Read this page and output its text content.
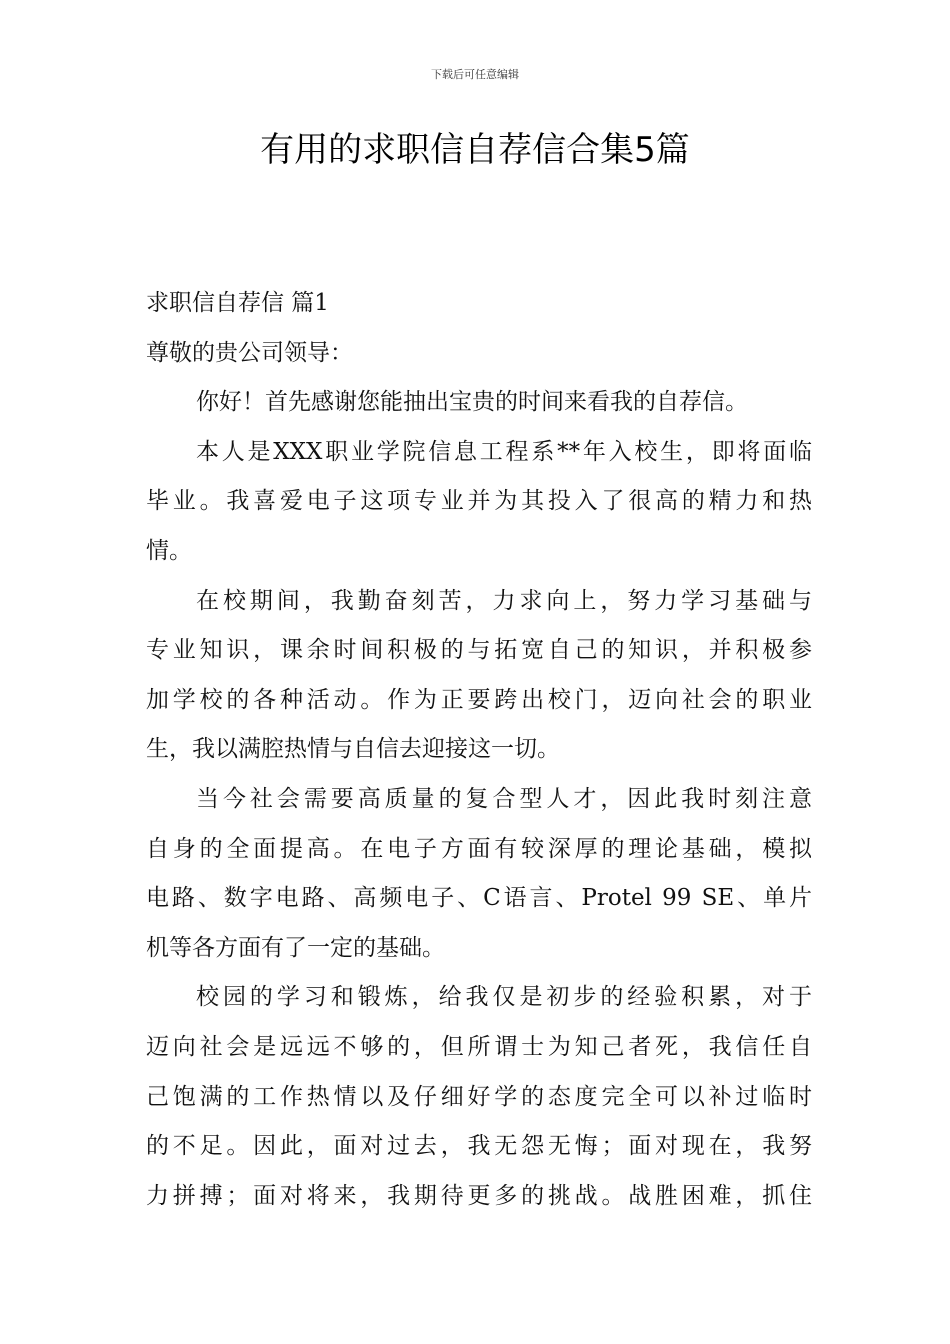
下载后可任意编辑
有用的求职信自荐信合集5篇
求职信自荐信 篇1
尊敬的贵公司领导：
你好！首先感谢您能抽出宝贵的时间来看我的自荐信。
本人是XXX职业学院信息工程系**年入校生，即将面临
毕业。我喜爱电子这项专业并为其投入了很高的精力和热
情。
在校期间，我勤奋刻苦，力求向上，努力学习基础与
专业知识，课余时间积极的与拓宽自己的知识，并积极参
加学校的各种活动。作为正要跨出校门，迈向社会的职业
生，我以满腔热情与自信去迎接这一切。
当今社会需要高质量的复合型人才，因此我时刻注意
自身的全面提高。在电子方面有较深厚的理论基础，模拟
电路、数字电路、高频电子、C语言、Protel 99 SE、单片
机等各方面有了一定的基础。
校园的学习和锻炼，给我仅是初步的经验积累，对于
迈向社会是远远不够的，但所谓士为知己者死，我信任自
己饱满的工作热情以及仔细好学的态度完全可以补过临时
的不足。因此，面对过去，我无怨无悔；面对现在，我努
力拼搏；面对将来，我期待更多的挑战。战胜困难，抓住
